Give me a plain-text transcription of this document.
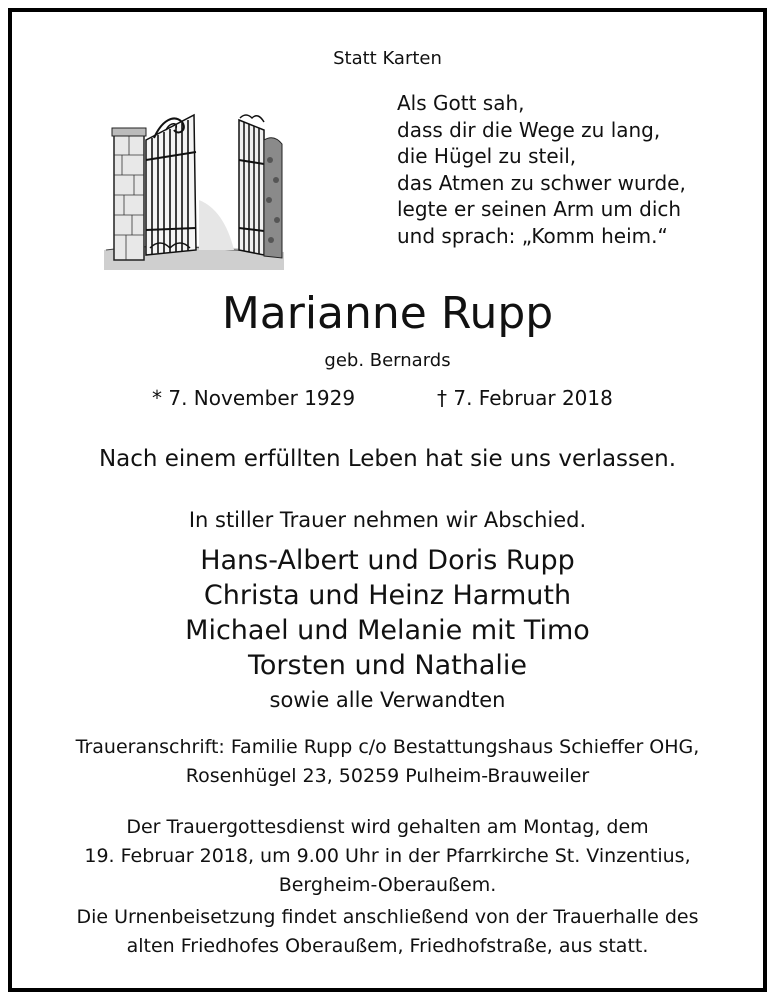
Statt Karten
Als Gott sah,
dass dir die Wege zu lang,
die Hügel zu steil,
das Atmen zu schwer wurde,
legte er seinen Arm um dich
und sprach: „Komm heim.“
Marianne Rupp
geb. Bernards
* 7. November 1929	† 7. Februar 2018
Nach einem erfüllten Leben hat sie uns verlassen.
In stiller Trauer nehmen wir Abschied.
Hans-Albert und Doris Rupp
Christa und Heinz Harmuth
Michael und Melanie mit Timo
Torsten und Nathalie
sowie alle Verwandten
Traueranschrift: Familie Rupp c/o Bestattungshaus Schieffer OHG,
Rosenhügel 23, 50259 Pulheim-Brauweiler
Der Trauergottesdienst wird gehalten am Montag, dem
19. Februar 2018, um 9.00 Uhr in der Pfarrkirche St. Vinzentius,
Bergheim-Oberaußem.
Die Urnenbeisetzung findet anschließend von der Trauerhalle des
alten Friedhofes Oberaußem, Friedhofstraße, aus statt.
